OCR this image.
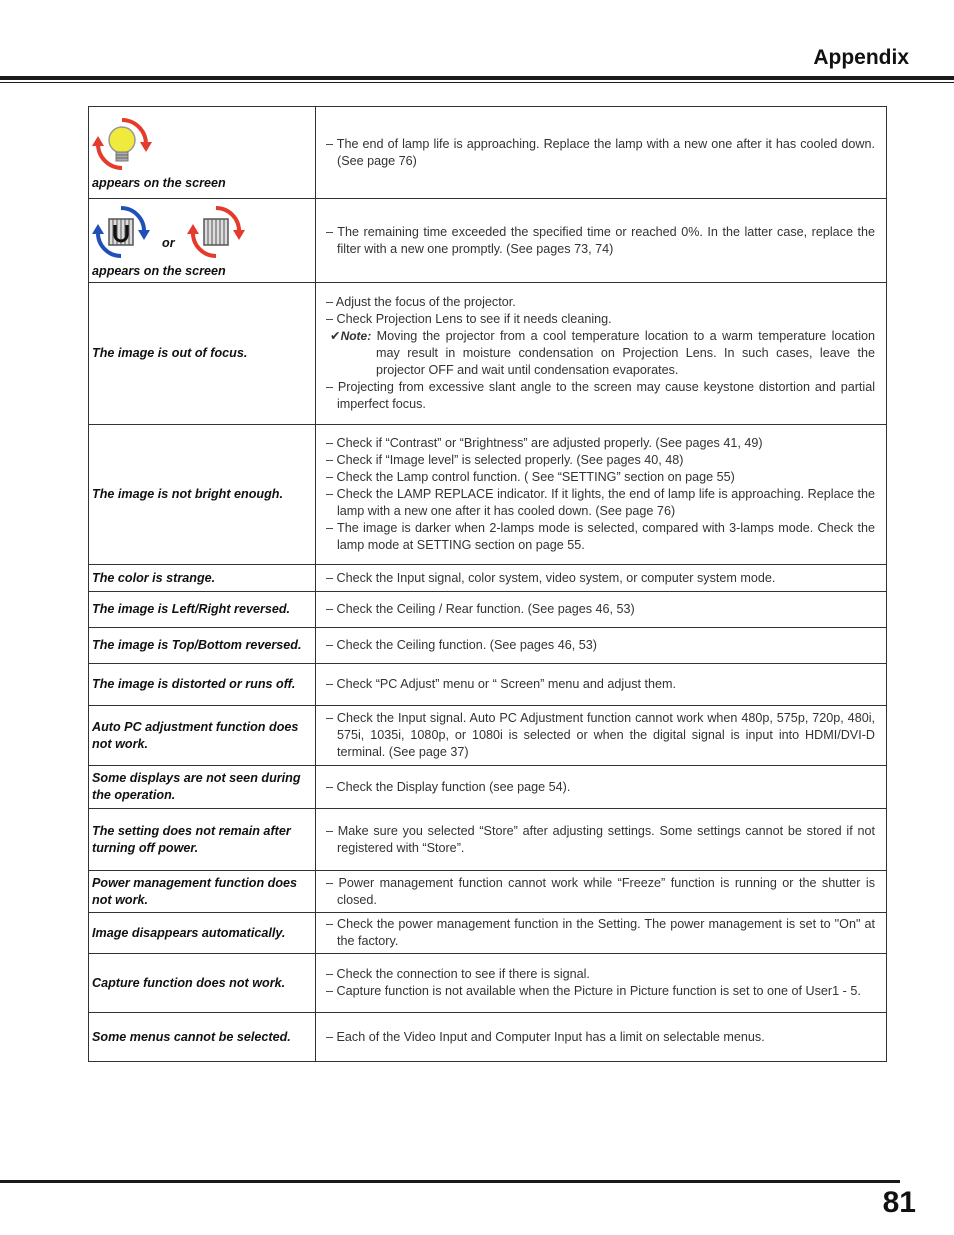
Appendix
appears on the screen	– The end of lamp life is approaching. Replace the lamp with a new one after it has cooled down. (See page 76)

or
appears on the screen	– The remaining time exceeded the specified time or reached 0%. In the latter case, replace the filter with a new one promptly. (See pages 73, 74)

The image is out of focus.	– Adjust the focus of the projector.
– Check Projection Lens to see if it needs cleaning.
✔Note: Moving the projector from a cool temperature location to a warm temperature location may result in moisture condensation on Projection Lens. In such cases, leave the projector OFF and wait until condensation evaporates.
– Projecting from excessive slant angle to the screen may cause keystone distortion and partial imperfect focus.

The image is not bright enough.	– Check if “Contrast” or “Brightness” are adjusted properly. (See pages 41, 49)
– Check if “Image level” is selected properly. (See pages 40, 48)
– Check the Lamp control function. ( See “SETTING” section on page 55)
– Check the LAMP REPLACE indicator. If it lights, the end of lamp life is approaching. Replace the lamp with a new one after it has cooled down. (See page 76)
– The image is darker when 2-lamps mode is selected, compared with 3-lamps mode. Check the lamp mode at SETTING section on page 55.

The color is strange.	– Check the Input signal, color system, video system, or computer system mode.

The image is Left/Right reversed.	– Check the Ceiling / Rear function. (See pages 46, 53)

The image is Top/Bottom reversed.	– Check the Ceiling function. (See pages 46, 53)

The image is distorted or runs off.	– Check “PC Adjust” menu or “ Screen” menu and adjust them.

Auto PC adjustment function does not work.	– Check the Input signal. Auto PC Adjustment function cannot work when 480p, 575p, 720p, 480i, 575i, 1035i, 1080p, or 1080i is selected or when the digital signal is input into HDMI/DVI-D terminal. (See page 37)

Some displays are not seen during the operation.	– Check the Display function (see page 54).

The setting does not remain after turning off power.	– Make sure you selected “Store” after adjusting settings. Some settings cannot be stored if not registered with “Store”.

Power management function does not work.	– Power management function cannot work while “Freeze” function is running or the shutter is closed.

Image disappears automatically.	– Check the power management function in the Setting. The power management is set to "On" at the factory.

Capture function does not work.	– Check the connection to see if there is signal.
– Capture function is not available when the Picture in Picture function is set to one of User1 - 5.

Some menus cannot be selected.	– Each of the Video Input and Computer Input has a limit on selectable menus.
81
